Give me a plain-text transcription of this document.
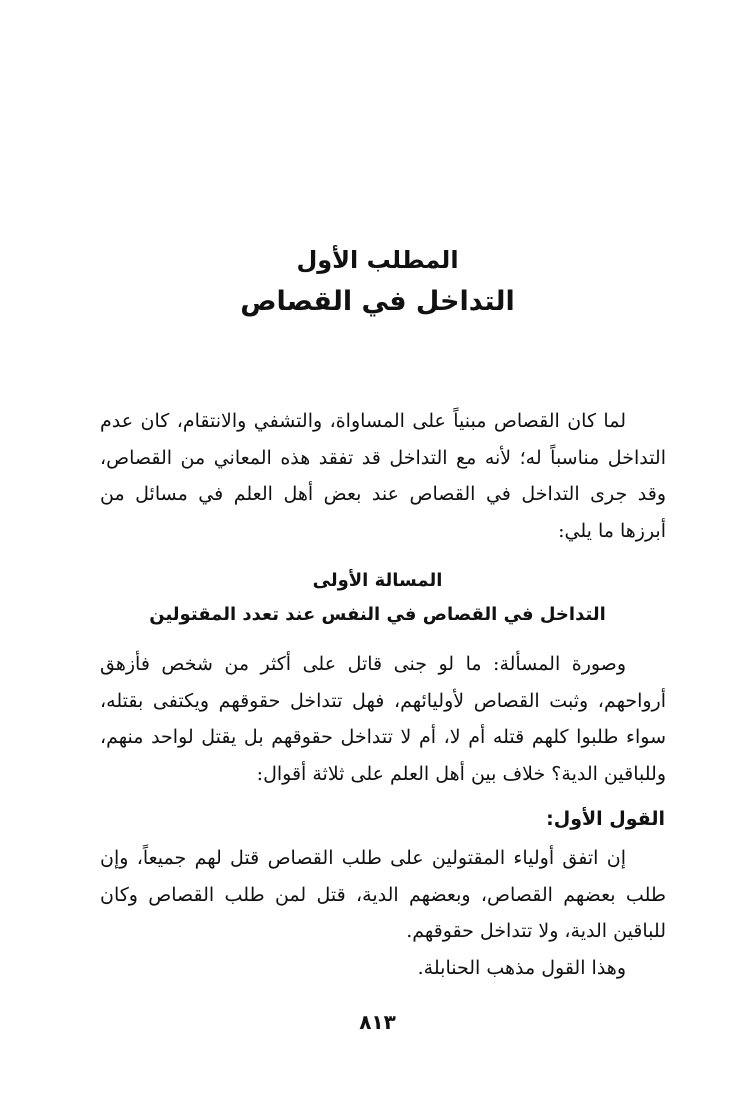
المطلب الأول
التداخل في القصاص

لما كان القصاص مبنياً على المساواة، والتشفي والانتقام، كان عدم التداخل مناسباً له؛ لأنه مع التداخل قد تفقد هذه المعاني من القصاص، وقد جرى التداخل في القصاص عند بعض أهل العلم في مسائل من أبرزها ما يلي:

المسالة الأولى
التداخل في القصاص في النفس عند تعدد المقتولين

وصورة المسألة: ما لو جنى قاتل على أكثر من شخص فأزهق أرواحهم، وثبت القصاص لأوليائهم، فهل تتداخل حقوقهم ويكتفى بقتله، سواء طلبوا كلهم قتله أم لا، أم لا تتداخل حقوقهم بل يقتل لواحد منهم، وللباقين الدية؟ خلاف بين أهل العلم على ثلاثة أقوال:

القول الأول:

إن اتفق أولياء المقتولين على طلب القصاص قتل لهم جميعاً، وإن طلب بعضهم القصاص، وبعضهم الدية، قتل لمن طلب القصاص وكان للباقين الدية، ولا تتداخل حقوقهم.

وهذا القول مذهب الحنابلة.
٨١٣
